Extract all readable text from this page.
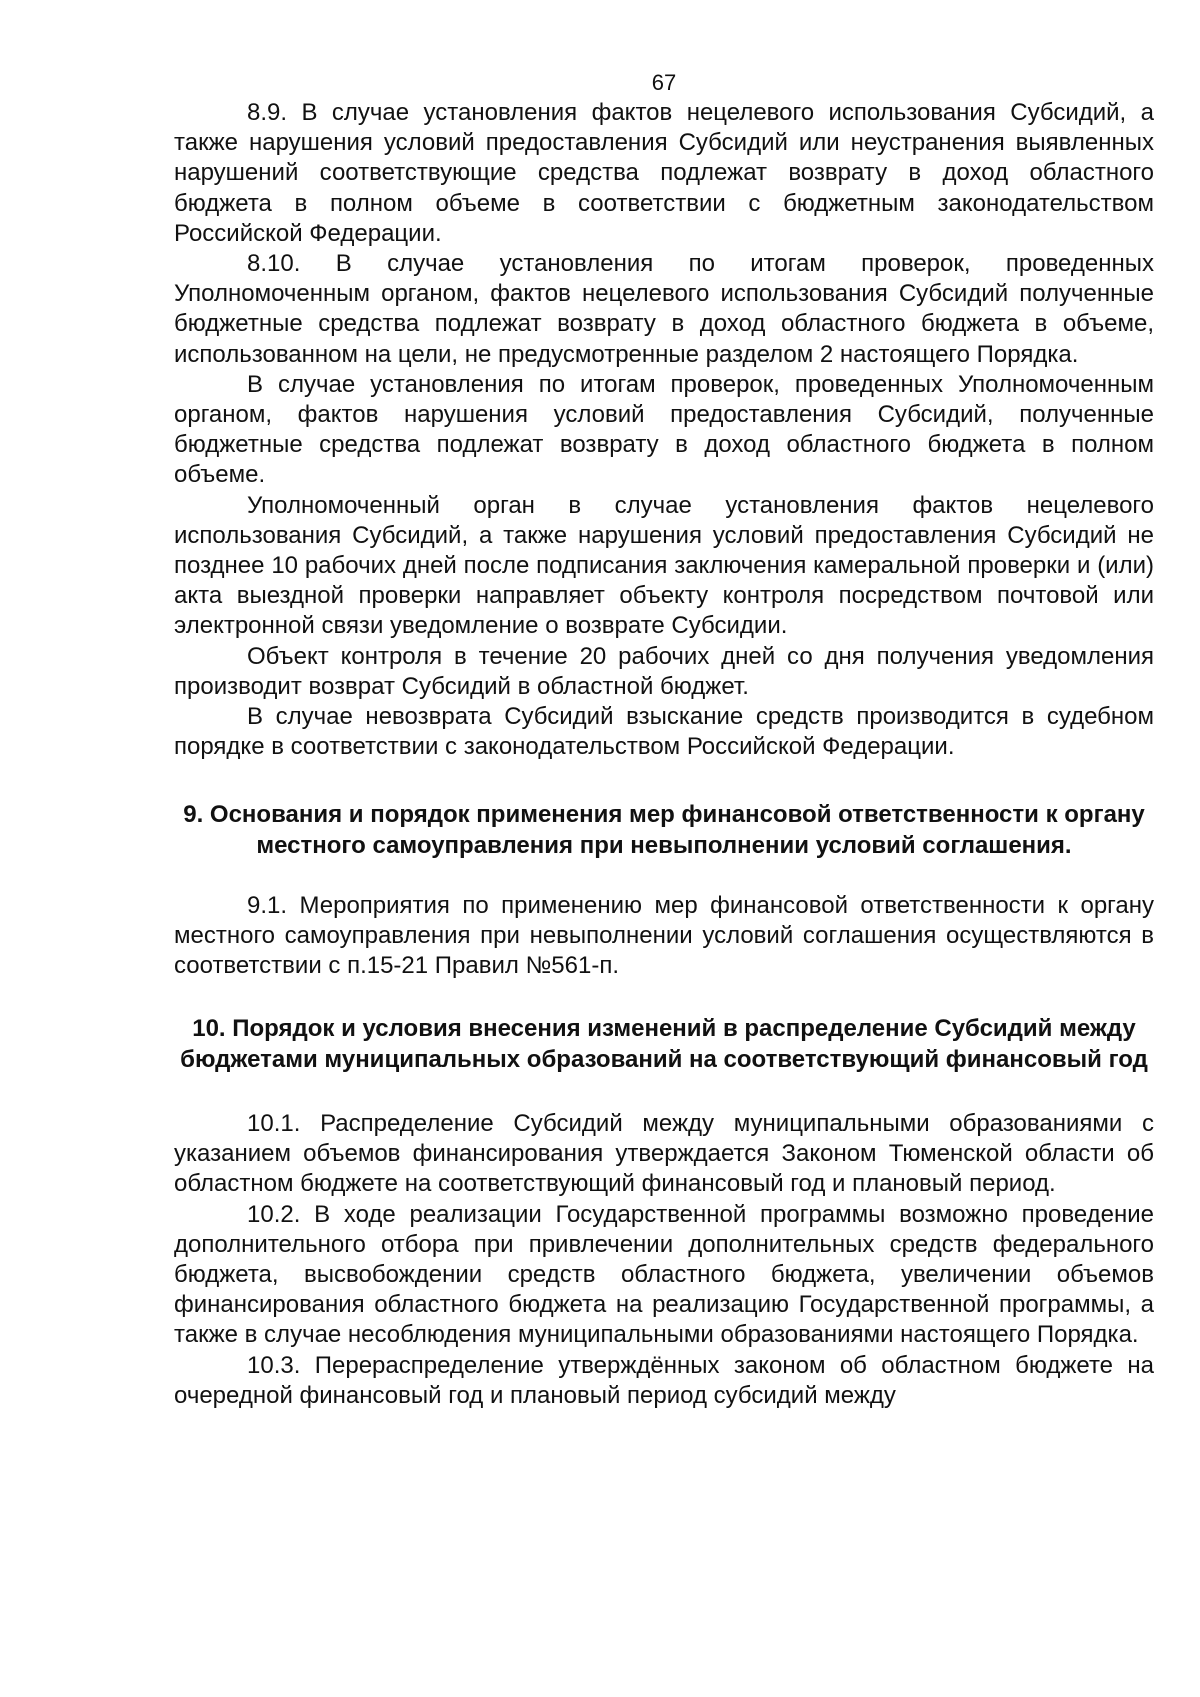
67

8.9. В случае установления фактов нецелевого использования Субсидий, а также нарушения условий предоставления Субсидий или неустранения выявленных нарушений соответствующие средства подлежат возврату в доход областного бюджета в полном объеме в соответствии с бюджетным законодательством Российской Федерации.

8.10. В случае установления по итогам проверок, проведенных Уполномоченным органом, фактов нецелевого использования Субсидий полученные бюджетные средства подлежат возврату в доход областного бюджета в объеме, использованном на цели, не предусмотренные разделом 2 настоящего Порядка.

В случае установления по итогам проверок, проведенных Уполномоченным органом, фактов нарушения условий предоставления Субсидий, полученные бюджетные средства подлежат возврату в доход областного бюджета в полном объеме.

Уполномоченный орган в случае установления фактов нецелевого использования Субсидий, а также нарушения условий предоставления Субсидий не позднее 10 рабочих дней после подписания заключения камеральной проверки и (или) акта выездной проверки направляет объекту контроля посредством почтовой или электронной связи уведомление о возврате Субсидии.

Объект контроля в течение 20 рабочих дней со дня получения уведомления производит возврат Субсидий в областной бюджет.

В случае невозврата Субсидий взыскание средств производится в судебном порядке в соответствии с законодательством Российской Федерации.

9. Основания и порядок применения мер финансовой ответственности к органу местного самоуправления при невыполнении условий соглашения.

9.1. Мероприятия по применению мер финансовой ответственности к органу местного самоуправления при невыполнении условий соглашения осуществляются в соответствии с п.15-21 Правил №561-п.

10. Порядок и условия внесения изменений в распределение Субсидий между бюджетами муниципальных образований на соответствующий финансовый год

10.1. Распределение Субсидий между муниципальными образованиями с указанием объемов финансирования утверждается Законом Тюменской области об областном бюджете на соответствующий финансовый год и плановый период.

10.2. В ходе реализации Государственной программы возможно проведение дополнительного отбора при привлечении дополнительных средств федерального бюджета, высвобождении средств областного бюджета, увеличении объемов финансирования областного бюджета на реализацию Государственной программы, а также в случае несоблюдения муниципальными образованиями настоящего Порядка.

10.3. Перераспределение утверждённых законом об областном бюджете на очередной финансовый год и плановый период субсидий между
